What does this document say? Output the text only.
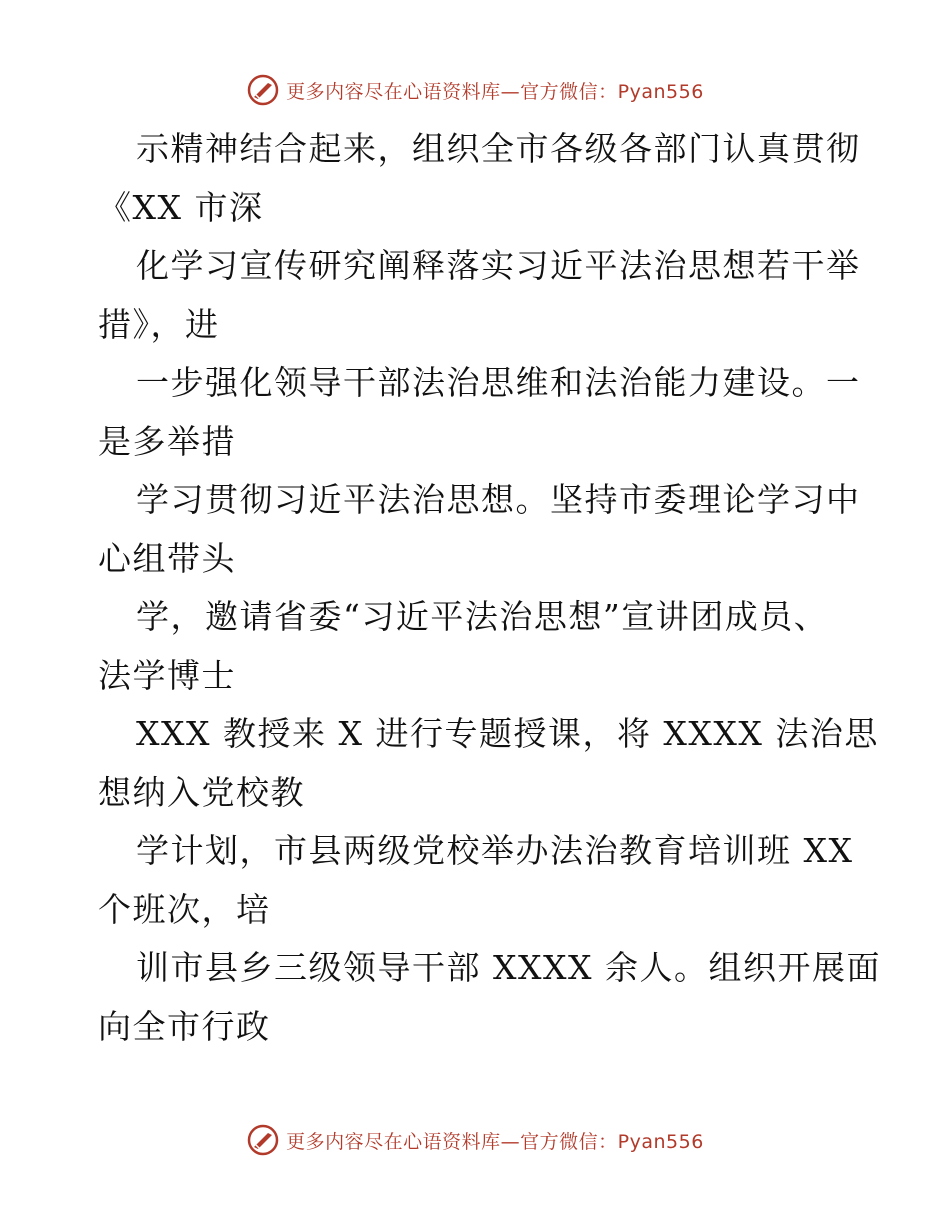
更多内容尽在心语资料库—官方微信：Pyan556
示精神结合起来，组织全市各级各部门认真贯彻
《XX 市深
化学习宣传研究阐释落实习近平法治思想若干举
措》，进
一步强化领导干部法治思维和法治能力建设。一
是多举措
学习贯彻习近平法治思想。坚持市委理论学习中
心组带头
学，邀请省委“习近平法治思想”宣讲团成员、
法学博士
XXX 教授来 X 进行专题授课，将 XXXX 法治思
想纳入党校教
学计划，市县两级党校举办法治教育培训班 XX
个班次，培
训市县乡三级领导干部 XXXX 余人。组织开展面
向全市行政
更多内容尽在心语资料库—官方微信：Pyan556
